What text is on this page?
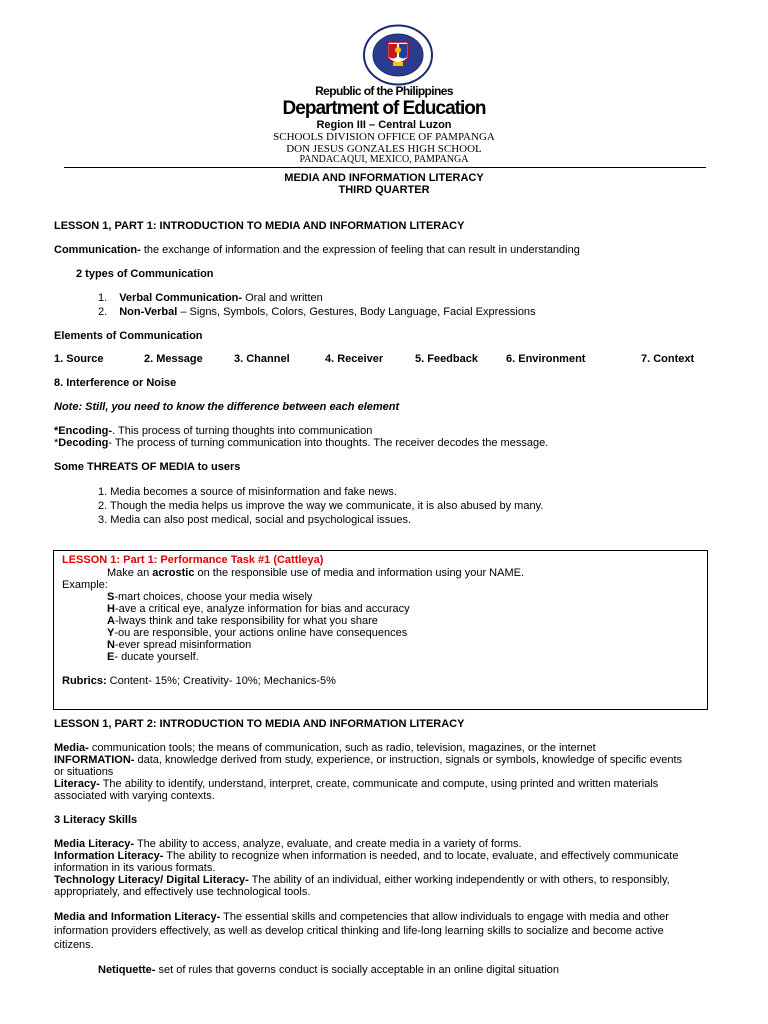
Republic of the Philippines
Department of Education
Region III – Central Luzon
SCHOOLS DIVISION OFFICE OF PAMPANGA
DON JESUS GONZALES HIGH SCHOOL
PANDACAQUI, MEXICO, PAMPANGA
MEDIA AND INFORMATION LITERACY
THIRD QUARTER
LESSON 1, PART 1: INTRODUCTION TO MEDIA AND INFORMATION LITERACY
Communication- the exchange of information and the expression of feeling that can result in understanding
2 types of Communication
1. Verbal Communication- Oral and written
2. Non-Verbal – Signs, Symbols, Colors, Gestures, Body Language, Facial Expressions
Elements of Communication
1. Source	2. Message	3. Channel	4. Receiver	5. Feedback	6. Environment	7. Context
8. Interference or Noise
Note: Still, you need to know the difference between each element
*Encoding-. This process of turning thoughts into communication
*Decoding- The process of turning communication into thoughts. The receiver decodes the message.
Some THREATS OF MEDIA to users
1. Media becomes a source of misinformation and fake news.
2. Though the media helps us improve the way we communicate, it is also abused by many.
3. Media can also post medical, social and psychological issues.
LESSON 1: Part 1: Performance Task #1 (Cattleya)
Make an acrostic on the responsible use of media and information using your NAME.
Example:
S-mart choices, choose your media wisely
H-ave a critical eye, analyze information for bias and accuracy
A-lways think and take responsibility for what you share
Y-ou are responsible, your actions online have consequences
N-ever spread misinformation
E- ducate yourself.
Rubrics: Content- 15%; Creativity- 10%; Mechanics-5%
LESSON 1, PART 2: INTRODUCTION TO MEDIA AND INFORMATION LITERACY
Media- communication tools; the means of communication, such as radio, television, magazines, or the internet
INFORMATION- data, knowledge derived from study, experience, or instruction, signals or symbols, knowledge of specific events
or situations
Literacy- The ability to identify, understand, interpret, create, communicate and compute, using printed and written materials
associated with varying contexts.
3 Literacy Skills
Media Literacy- The ability to access, analyze, evaluate, and create media in a variety of forms.
Information Literacy- The ability to recognize when information is needed, and to locate, evaluate, and effectively communicate
information in its various formats.
Technology Literacy/ Digital Literacy- The ability of an individual, either working independently or with others, to responsibly,
appropriately, and effectively use technological tools.
Media and Information Literacy- The essential skills and competencies that allow individuals to engage with media and other
information providers effectively, as well as develop critical thinking and life-long learning skills to socialize and become active
citizens.
Netiquette- set of rules that governs conduct is socially acceptable in an online digital situation
